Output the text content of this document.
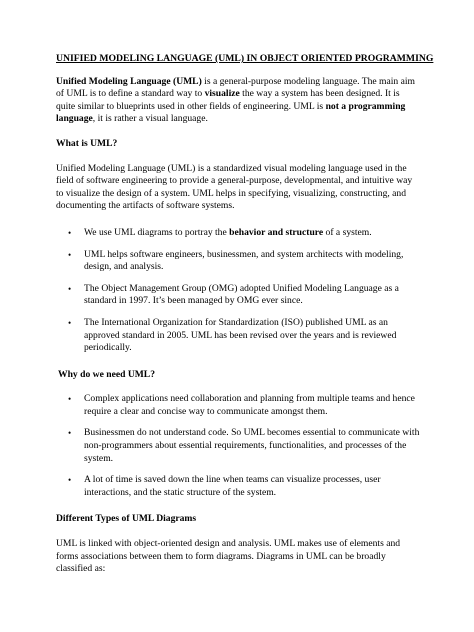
UNIFIED MODELING LANGUAGE (UML) IN OBJECT ORIENTED PROGRAMMING

Unified Modeling Language (UML) is a general-purpose modeling language. The main aim of UML is to define a standard way to visualize the way a system has been designed. It is quite similar to blueprints used in other fields of engineering. UML is not a programming language, it is rather a visual language.

What is UML?

Unified Modeling Language (UML) is a standardized visual modeling language used in the field of software engineering to provide a general-purpose, developmental, and intuitive way to visualize the design of a system. UML helps in specifying, visualizing, constructing, and documenting the artifacts of software systems.

• We use UML diagrams to portray the behavior and structure of a system.
• UML helps software engineers, businessmen, and system architects with modeling, design, and analysis.
• The Object Management Group (OMG) adopted Unified Modeling Language as a standard in 1997. It’s been managed by OMG ever since.
• The International Organization for Standardization (ISO) published UML as an approved standard in 2005. UML has been revised over the years and is reviewed periodically.
Why do we need UML?
• Complex applications need collaboration and planning from multiple teams and hence require a clear and concise way to communicate amongst them.
• Businessmen do not understand code. So UML becomes essential to communicate with non-programmers about essential requirements, functionalities, and processes of the system.
• A lot of time is saved down the line when teams can visualize processes, user interactions, and the static structure of the system.
Different Types of UML Diagrams

UML is linked with object-oriented design and analysis. UML makes use of elements and forms associations between them to form diagrams. Diagrams in UML can be broadly classified as:
